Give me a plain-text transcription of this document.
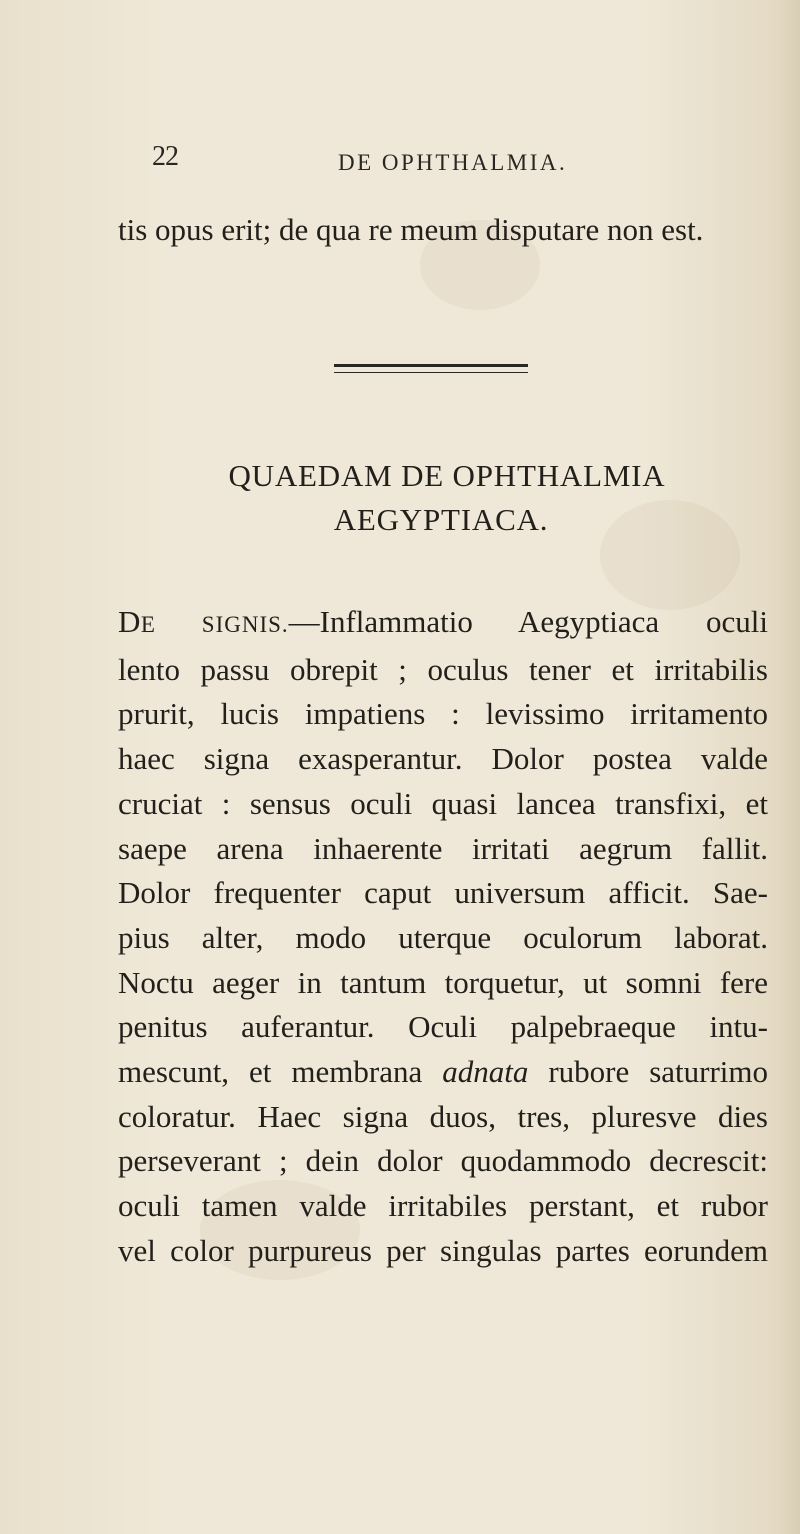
22	DE OPHTHALMIA.
tis opus erit; de qua re meum disputare non est.
QUAEDAM DE OPHTHALMIA
AEGYPTIACA.
DE SIGNIS.—Inflammatio Aegyptiaca oculi
lento passu obrepit ; oculus tener et irritabilis
prurit, lucis impatiens : levissimo irritamento
haec signa exasperantur. Dolor postea valde
cruciat : sensus oculi quasi lancea transfixi, et
saepe arena inhaerente irritati aegrum fallit.
Dolor frequenter caput universum afficit. Sae-
pius alter, modo uterque oculorum laborat.
Noctu aeger in tantum torquetur, ut somni fere
penitus auferantur. Oculi palpebraeque intu-
mescunt, et membrana adnata rubore saturrimo
coloratur. Haec signa duos, tres, pluresve dies
perseverant ; dein dolor quodammodo decrescit:
oculi tamen valde irritabiles perstant, et rubor
vel color purpureus per singulas partes eorundem
